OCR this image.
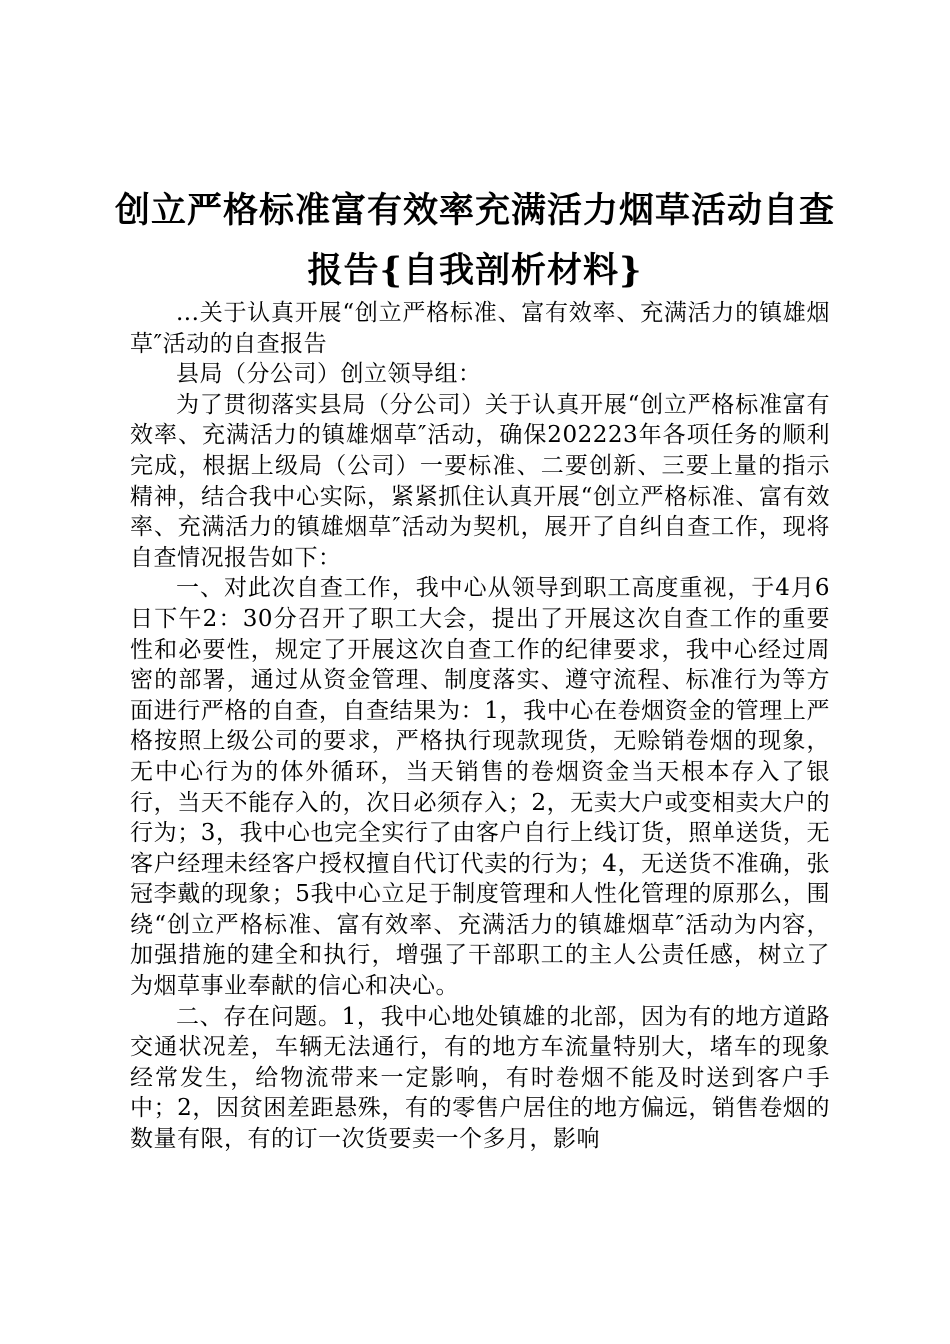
创立严格标准富有效率充满活力烟草活动自查
报告{自我剖析材料}

...关于认真开展“创立严格标准、富有效率、充满活力的镇雄烟草″活动的自查报告

县局（分公司）创立领导组：

为了贯彻落实县局（分公司）关于认真开展“创立严格标准富有效率、充满活力的镇雄烟草″活动，确保202223年各项任务的顺利完成，根据上级局（公司）一要标准、二要创新、三要上量的指示精神，结合我中心实际，紧紧抓住认真开展“创立严格标准、富有效率、充满活力的镇雄烟草″活动为契机，展开了自纠自查工作，现将自查情况报告如下：

一、对此次自查工作，我中心从领导到职工高度重视，于4月6日下午2：30分召开了职工大会，提出了开展这次自查工作的重要性和必要性，规定了开展这次自查工作的纪律要求，我中心经过周密的部署，通过从资金管理、制度落实、遵守流程、标准行为等方面进行严格的自查，自查结果为：1，我中心在卷烟资金的管理上严格按照上级公司的要求，严格执行现款现货，无赊销卷烟的现象，无中心行为的体外循环，当天销售的卷烟资金当天根本存入了银行，当天不能存入的，次日必须存入；2，无卖大户或变相卖大户的行为；3，我中心也完全实行了由客户自行上线订货，照单送货，无客户经理未经客户授权擅自代订代卖的行为；4，无送货不准确，张冠李戴的现象；5我中心立足于制度管理和人性化管理的原那么，围绕“创立严格标准、富有效率、充满活力的镇雄烟草″活动为内容，加强措施的建全和执行，增强了干部职工的主人公责任感，树立了为烟草事业奉献的信心和决心。

二、存在问题。1，我中心地处镇雄的北部，因为有的地方道路交通状况差，车辆无法通行，有的地方车流量特别大，堵车的现象经常发生，给物流带来一定影响，有时卷烟不能及时送到客户手中；2，因贫困差距悬殊，有的零售户居住的地方偏远，销售卷烟的数量有限，有的订一次货要卖一个多月，影响
